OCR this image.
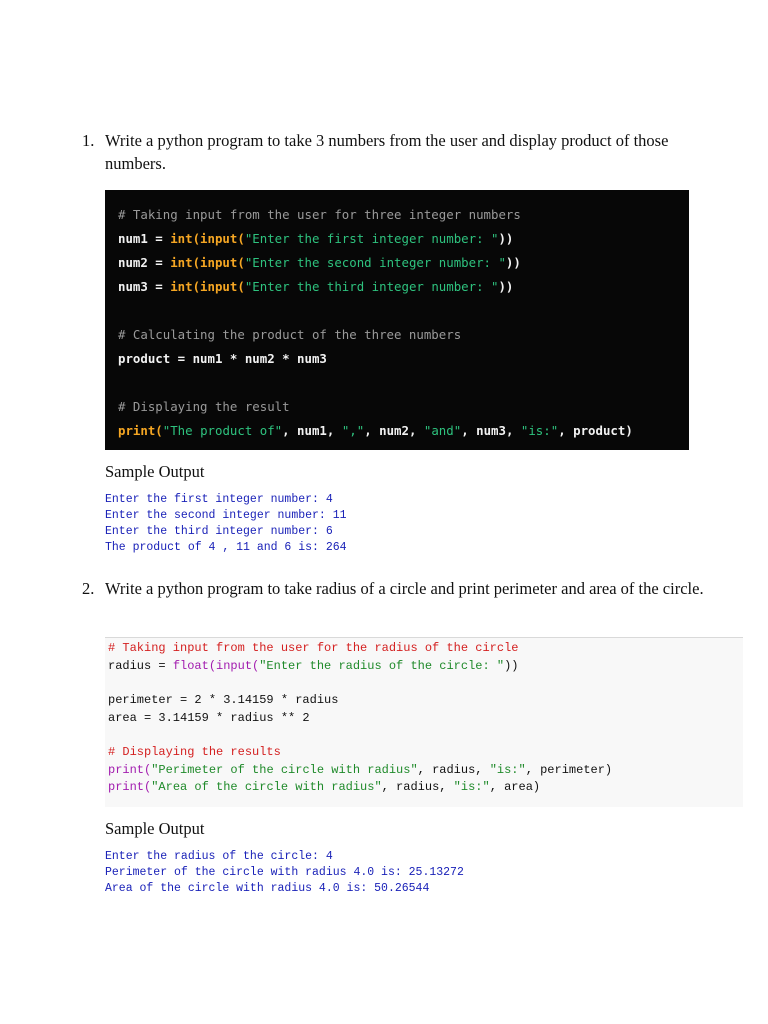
1. Write a python program to take 3 numbers from the user and display product of those numbers.
# Taking input from the user for three integer numbers
num1 = int(input("Enter the first integer number: "))
num2 = int(input("Enter the second integer number: "))
num3 = int(input("Enter the third integer number: "))
# Calculating the product of the three numbers
product = num1 * num2 * num3
# Displaying the result
print("The product of", num1, ",", num2, "and", num3, "is:", product)
Sample Output
Enter the first integer number: 4
Enter the second integer number: 11
Enter the third integer number: 6
The product of 4 , 11 and 6 is: 264
2. Write a python program to take radius of a circle and print perimeter and area of the circle.
# Taking input from the user for the radius of the circle
radius = float(input("Enter the radius of the circle: "))
perimeter = 2 * 3.14159 * radius
area = 3.14159 * radius ** 2
# Displaying the results
print("Perimeter of the circle with radius", radius, "is:", perimeter)
print("Area of the circle with radius", radius, "is:", area)
Sample Output
Enter the radius of the circle: 4
Perimeter of the circle with radius 4.0 is: 25.13272
Area of the circle with radius 4.0 is: 50.26544
